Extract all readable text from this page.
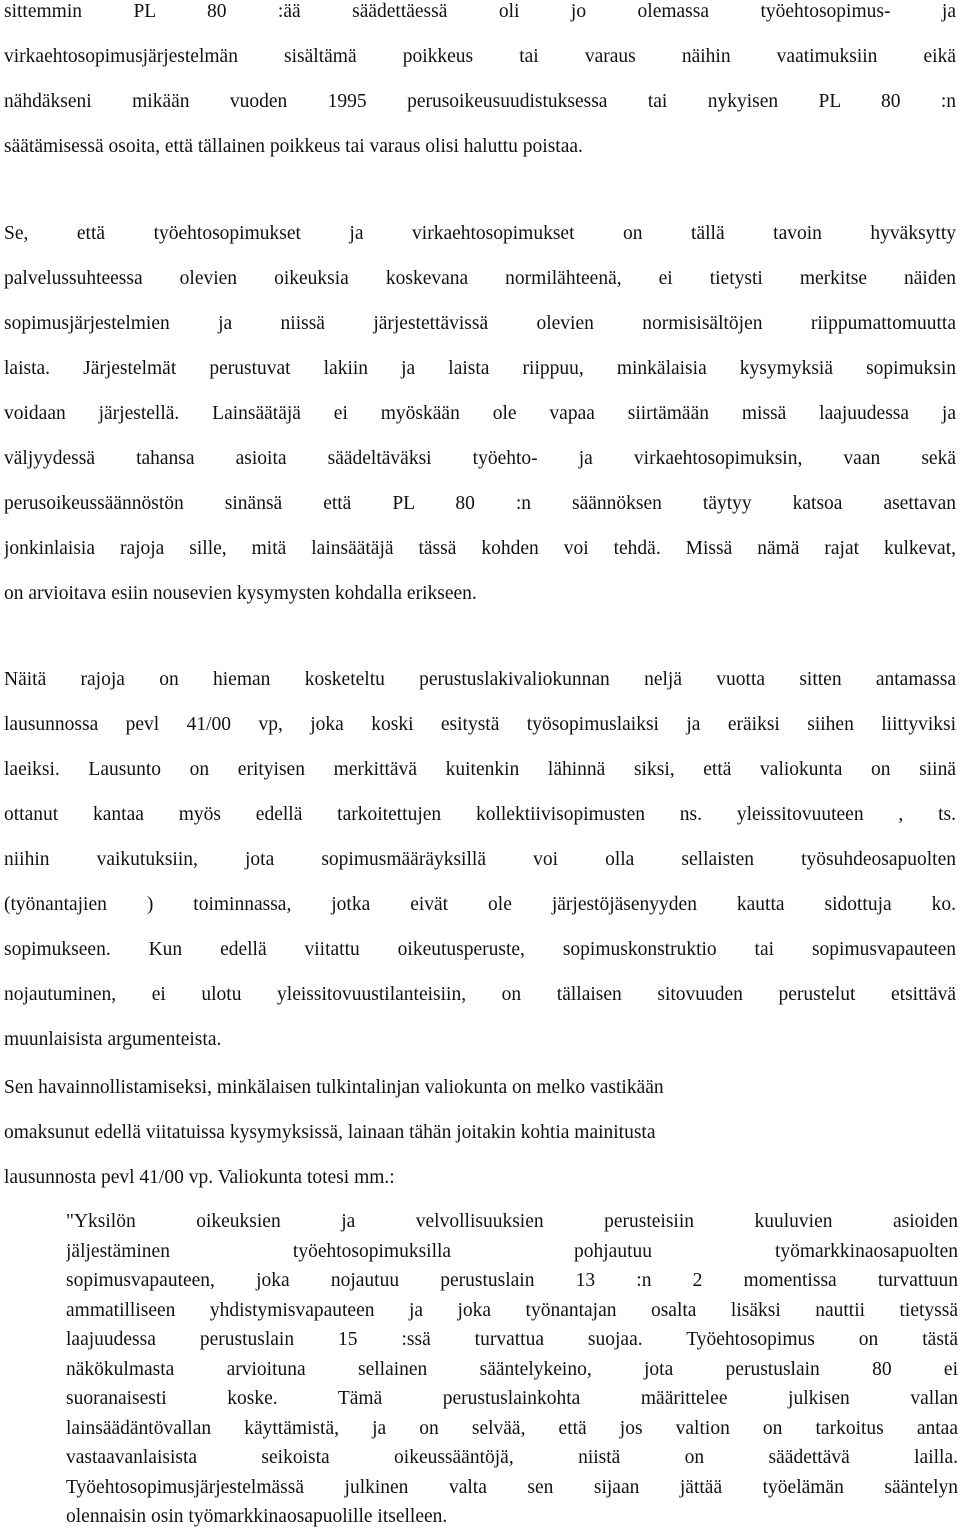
sittemmin PL 80 :ää säädettäessä oli jo olemassa työehtosopimus- ja
virkaehtosopimusjärjestelmän sisältämä poikkeus tai varaus näihin vaatimuksiin eikä
nähdäkseni mikään vuoden 1995 perusoikeusuudistuksessa tai nykyisen PL 80 :n
säätämisessä osoita, että tällainen poikkeus tai varaus olisi haluttu poistaa.
Se, että työehtosopimukset ja virkaehtosopimukset on tällä tavoin hyväksytty
palvelussuhteessa olevien oikeuksia koskevana normilähteenä, ei tietysti merkitse näiden
sopimusjärjestelmien ja niissä järjestettävissä olevien normisisältöjen riippumattomuutta
laista. Järjestelmät perustuvat lakiin ja laista riippuu, minkälaisia kysymyksiä sopimuksin
voidaan järjestellä. Lainsäätäjä ei myöskään ole vapaa siirtämään missä laajuudessa ja
väljyydessä tahansa asioita säädeltäväksi työehto- ja virkaehtosopimuksin, vaan sekä
perusoikeussäännöstön sinänsä että PL 80 :n säännöksen täytyy katsoa asettavan
jonkinlaisia rajoja sille, mitä lainsäätäjä tässä kohden voi tehdä. Missä nämä rajat kulkevat,
on arvioitava esiin nousevien kysymysten kohdalla erikseen.
Näitä rajoja on hieman kosketeltu perustuslakivaliokunnan neljä vuotta sitten antamassa
lausunnossa pevl 41/00 vp, joka koski esitystä työsopimuslaiksi ja eräiksi siihen liittyviksi
laeiksi. Lausunto on erityisen merkittävä kuitenkin lähinnä siksi, että valiokunta on siinä
ottanut kantaa myös edellä tarkoitettujen kollektiivisopimusten ns. yleissitovuuteen , ts.
niihin vaikutuksiin, jota sopimusmääräyksillä voi olla sellaisten työsuhdeosapuolten
(työnantajien ) toiminnassa, jotka eivät ole järjestöjäsenyyden kautta sidottuja ko.
sopimukseen. Kun edellä viitattu oikeutusperuste, sopimuskonstruktio tai sopimusvapauteen
nojautuminen, ei ulotu yleissitovuustilanteisiin, on tällaisen sitovuuden perustelut etsittävä
muunlaisista argumenteista.
Sen havainnollistamiseksi, minkälaisen tulkintalinjan valiokunta on melko vastikään
omaksunut edellä viitatuissa kysymyksissä, lainaan tähän joitakin kohtia mainitusta
lausunnosta pevl 41/00 vp. Valiokunta totesi mm.:
"Yksilön oikeuksien ja velvollisuuksien perusteisiin kuuluvien asioiden
jäljestäminen työehtosopimuksilla pohjautuu työmarkkinaosapuolten
sopimusvapauteen, joka nojautuu perustuslain 13 :n 2 momentissa turvattuun
ammatilliseen yhdistymisvapauteen ja joka työnantajan osalta lisäksi nauttii tietyssä
laajuudessa perustuslain 15 :ssä turvattua suojaa. Työehtosopimus on tästä
näkökulmasta arvioituna sellainen sääntelykeino, jota perustuslain 80 ei
suoranaisesti koske. Tämä perustuslainkohta määrittelee julkisen vallan
lainsäädäntövallan käyttämistä, ja on selvää, että jos valtion on tarkoitus antaa
vastaavanlaisista seikoista oikeussääntöjä, niistä on säädettävä lailla.
Työehtosopimusjärjestelmässä julkinen valta sen sijaan jättää työelämän sääntelyn
olennaisin osin työmarkkinaosapuolille itselleen.
